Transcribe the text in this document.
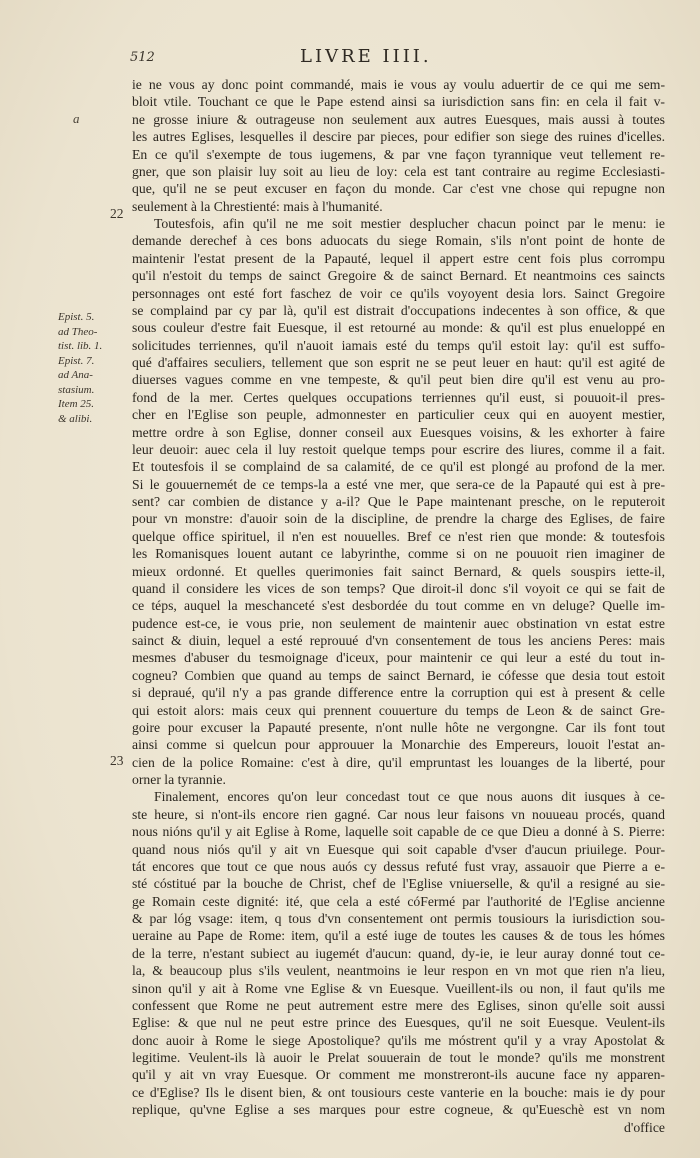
512	LIVRE IIII.
a
Epist. 5.
ad Theo-
tist. lib. 1.
Epist. 7.
ad Ana-
stasium.
Item 25.
& alibi.
22
23
ie ne vous ay donc point commandé, mais ie vous ay voulu aduertir de ce qui me sem-
bloit vtile. Touchant ce que le Pape estend ainsi sa iurisdiction sans fin: en cela il fait v-
ne grosse iniure & outrageuse non seulement aux autres Euesques, mais aussi à toutes
les autres Eglises, lesquelles il descire par pieces, pour edifier son siege des ruines d'icelles.
En ce qu'il s'exempte de tous iugemens, & par vne façon tyrannique veut tellement re-
gner, que son plaisir luy soit au lieu de loy: cela est tant contraire au regime Ecclesiasti-
que, qu'il ne se peut excuser en façon du monde. Car c'est vne chose qui repugne non
seulement à la Chrestienté: mais à l'humanité.
Toutesfois, afin qu'il ne me soit mestier desplucher chacun poinct par le menu: ie
demande derechef à ces bons aduocats du siege Romain, s'ils n'ont point de honte de
maintenir l'estat present de la Papauté, lequel il appert estre cent fois plus corrompu
qu'il n'estoit du temps de sainct Gregoire & de sainct Bernard. Et neantmoins ces saincts
personnages ont esté fort faschez de voir ce qu'ils voyoyent desia lors. Sainct Gregoire
se complaind par cy par là, qu'il est distrait d'occupations indecentes à son office, & que
sous couleur d'estre fait Euesque, il est retourné au monde: & qu'il est plus enueloppé en
solicitudes terriennes, qu'il n'auoit iamais esté du temps qu'il estoit lay: qu'il est suffo-
qué d'affaires seculiers, tellement que son esprit ne se peut leuer en haut: qu'il est agité de
diuerses vagues comme en vne tempeste, & qu'il peut bien dire qu'il est venu au pro-
fond de la mer. Certes quelques occupations terriennes qu'il eust, si pouuoit-il pres-
cher en l'Eglise son peuple, admonnester en particulier ceux qui en auoyent mestier,
mettre ordre à son Eglise, donner conseil aux Euesques voisins, & les exhorter à faire
leur deuoir: auec cela il luy restoit quelque temps pour escrire des liures, comme il a fait.
Et toutesfois il se complaind de sa calamité, de ce qu'il est plongé au profond de la mer.
Si le gouuernemét de ce temps-la a esté vne mer, que sera-ce de la Papauté qui est à pre-
sent? car combien de distance y a-il? Que le Pape maintenant presche, on le reputeroit
pour vn monstre: d'auoir soin de la discipline, de prendre la charge des Eglises, de faire
quelque office spirituel, il n'en est nouuelles. Bref ce n'est rien que monde: & toutesfois
les Romanisques louent autant ce labyrinthe, comme si on ne pouuoit rien imaginer de
mieux ordonné. Et quelles querimonies fait sainct Bernard, & quels souspirs iette-il,
quand il considere les vices de son temps? Que diroit-il donc s'il voyoit ce qui se fait de
ce téps, auquel la meschanceté s'est desbordée du tout comme en vn deluge? Quelle im-
pudence est-ce, ie vous prie, non seulement de maintenir auec obstination vn estat estre
sainct & diuin, lequel a esté reprouué d'vn consentement de tous les anciens Peres: mais
mesmes d'abuser du tesmoignage d'iceux, pour maintenir ce qui leur a esté du tout in-
cogneu? Combien que quand au temps de sainct Bernard, ie cófesse que desia tout estoit
si depraué, qu'il n'y a pas grande difference entre la corruption qui est à present & celle
qui estoit alors: mais ceux qui prennent couuerture du temps de Leon & de sainct Gre-
goire pour excuser la Papauté presente, n'ont nulle hôte ne vergongne. Car ils font tout
ainsi comme si quelcun pour approuuer la Monarchie des Empereurs, louoit l'estat an-
cien de la police Romaine: c'est à dire, qu'il empruntast les louanges de la liberté, pour
orner la tyrannie.
Finalement, encores qu'on leur concedast tout ce que nous auons dit iusques à ce-
ste heure, si n'ont-ils encore rien gagné. Car nous leur faisons vn nouueau procés, quand
nous nións qu'il y ait Eglise à Rome, laquelle soit capable de ce que Dieu a donné à S. Pierre:
quand nous niós qu'il y ait vn Euesque qui soit capable d'vser d'aucun priuilege. Pour-
tát encores que tout ce que nous auós cy dessus refuté fust vray, assauoir que Pierre a e-
sté cóstitué par la bouche de Christ, chef de l'Eglise vniuerselle, & qu'il a resigné au sie-
ge Romain ceste dignité: ité, que cela a esté cóFermé par l'authorité de l'Eglise ancienne
& par lóg vsage: item, q tous d'vn consentement ont permis tousiours la iurisdiction sou-
ueraine au Pape de Rome: item, qu'il a esté iuge de toutes les causes & de tous les hómes
de la terre, n'estant subiect au iugemét d'aucun: quand, dy-ie, ie leur auray donné tout ce-
la, & beaucoup plus s'ils veulent, neantmoins ie leur respon en vn mot que rien n'a lieu,
sinon qu'il y ait à Rome vne Eglise & vn Euesque. Vueillent-ils ou non, il faut qu'ils me
confessent que Rome ne peut autrement estre mere des Eglises, sinon qu'elle soit aussi
Eglise: & que nul ne peut estre prince des Euesques, qu'il ne soit Euesque. Veulent-ils
donc auoir à Rome le siege Apostolique? qu'ils me móstrent qu'il y a vray Apostolat &
legitime. Veulent-ils là auoir le Prelat souuerain de tout le monde? qu'ils me monstrent
qu'il y ait vn vray Euesque. Or comment me monstreront-ils aucune face ny apparen-
ce d'Eglise? Ils le disent bien, & ont tousiours ceste vanterie en la bouche: mais ie dy pour
replique, qu'vne Eglise a ses marques pour estre cogneue, & qu'Eueschè est vn nom
d'office
